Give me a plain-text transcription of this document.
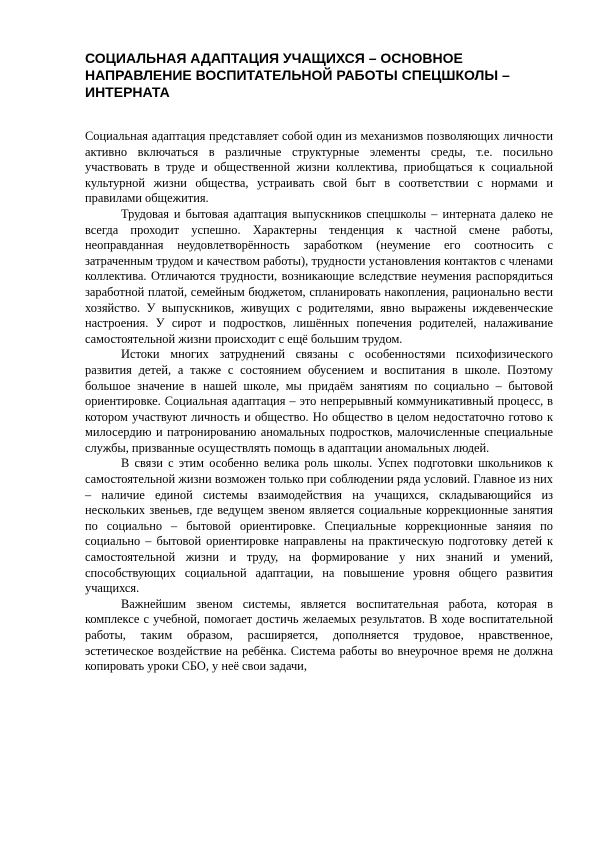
СОЦИАЛЬНАЯ АДАПТАЦИЯ УЧАЩИХСЯ – ОСНОВНОЕ НАПРАВЛЕНИЕ ВОСПИТАТЕЛЬНОЙ РАБОТЫ СПЕЦШКОЛЫ – ИНТЕРНАТА

Социальная адаптация представляет собой один из механизмов позволяющих личности активно включаться в различные структурные элементы среды, т.е. посильно участвовать в труде и общественной жизни коллектива, приобщаться к социальной культурной жизни общества, устраивать свой быт в соответствии с нормами и правилами общежития.

Трудовая и бытовая адаптация выпускников спецшколы – интерната далеко не всегда проходит успешно. Характерны тенденция к частной смене работы, неоправданная неудовлетворённость заработком (неумение его соотносить с затраченным трудом и качеством работы), трудности установления контактов с членами коллектива. Отличаются трудности, возникающие вследствие неумения распорядиться заработной платой, семейным бюджетом, спланировать накопления, рационально вести хозяйство. У выпускников, живущих с родителями, явно выражены иждевенческие настроения. У сирот и подростков, лишённых попечения родителей, налаживание самостоятельной жизни происходит с ещё большим трудом.

Истоки многих затруднений связаны с особенностями психофизического развития детей, а также с состоянием обусением и воспитания в школе. Поэтому большое значение в нашей школе, мы придаём занятиям по социально – бытовой ориентировке. Социальная адаптация – это непрерывный коммуникативный процесс, в котором участвуют личность и общество. Но общество в целом недостаточно готово к милосердию и патронированию аномальных подростков, малочисленные специальные службы, призванные осуществлять помощь в адаптации аномальных людей.

В связи с этим особенно велика роль школы. Успех подготовки школьников к самостоятельной жизни возможен только при соблюдении ряда условий. Главное из них – наличие единой системы взаимодействия на учащихся, складывающийся из нескольких звеньев, где ведущем звеном является социальные коррекционные занятия по социально – бытовой ориентировке. Специальные коррекционные заняия по социально – бытовой ориентировке направлены на практическую подготовку детей к самостоятельной жизни и труду, на формирование у них знаний и умений, способствующих социальной адаптации, на повышение уровня общего развития учащихся.

Важнейшим звеном системы, является воспитательная работа, которая в комплексе с учебной, помогает достичь желаемых результатов. В ходе воспитательной работы, таким образом, расширяется, дополняется трудовое, нравственное, эстетическое воздействие на ребёнка. Система работы во внеурочное время не должна копировать уроки СБО, у неё свои задачи,
